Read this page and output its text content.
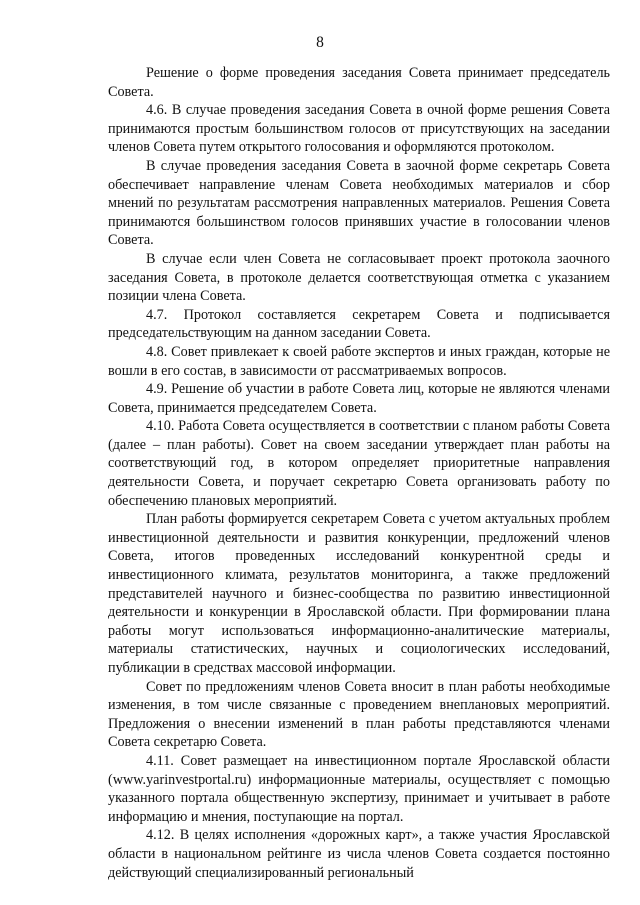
8

Решение о форме проведения заседания Совета принимает председатель Совета.

4.6. В случае проведения заседания Совета в очной форме решения Совета принимаются простым большинством голосов от присутствующих на заседании членов Совета путем открытого голосования и оформляются протоколом.

В случае проведения заседания Совета в заочной форме секретарь Совета обеспечивает направление членам Совета необходимых материалов и сбор мнений по результатам рассмотрения направленных материалов. Решения Совета принимаются большинством голосов принявших участие в голосовании членов Совета.

В случае если член Совета не согласовывает проект протокола заочного заседания Совета, в протоколе делается соответствующая отметка с указанием позиции члена Совета.

4.7. Протокол составляется секретарем Совета и подписывается председательствующим на данном заседании Совета.

4.8. Совет привлекает к своей работе экспертов и иных граждан, которые не вошли в его состав, в зависимости от рассматриваемых вопросов.

4.9. Решение об участии в работе Совета лиц, которые не являются членами Совета, принимается председателем Совета.

4.10. Работа Совета осуществляется в соответствии с планом работы Совета (далее – план работы). Совет на своем заседании утверждает план работы на соответствующий год, в котором определяет приоритетные направления деятельности Совета, и поручает секретарю Совета организовать работу по обеспечению плановых мероприятий.

План работы формируется секретарем Совета с учетом актуальных проблем инвестиционной деятельности и развития конкуренции, предложений членов Совета, итогов проведенных исследований конкурентной среды и инвестиционного климата, результатов мониторинга, а также предложений представителей научного и бизнес-сообщества по развитию инвестиционной деятельности и конкуренции в Ярославской области. При формировании плана работы могут использоваться информационно-аналитические материалы, материалы статистических, научных и социологических исследований, публикации в средствах массовой информации.

Совет по предложениям членов Совета вносит в план работы необходимые изменения, в том числе связанные с проведением внеплановых мероприятий. Предложения о внесении изменений в план работы представляются членами Совета секретарю Совета.

4.11. Совет размещает на инвестиционном портале Ярославской области (www.yarinvestportal.ru) информационные материалы, осуществляет с помощью указанного портала общественную экспертизу, принимает и учитывает в работе информацию и мнения, поступающие на портал.

4.12. В целях исполнения «дорожных карт», а также участия Ярославской области в национальном рейтинге из числа членов Совета создается постоянно действующий специализированный региональный
